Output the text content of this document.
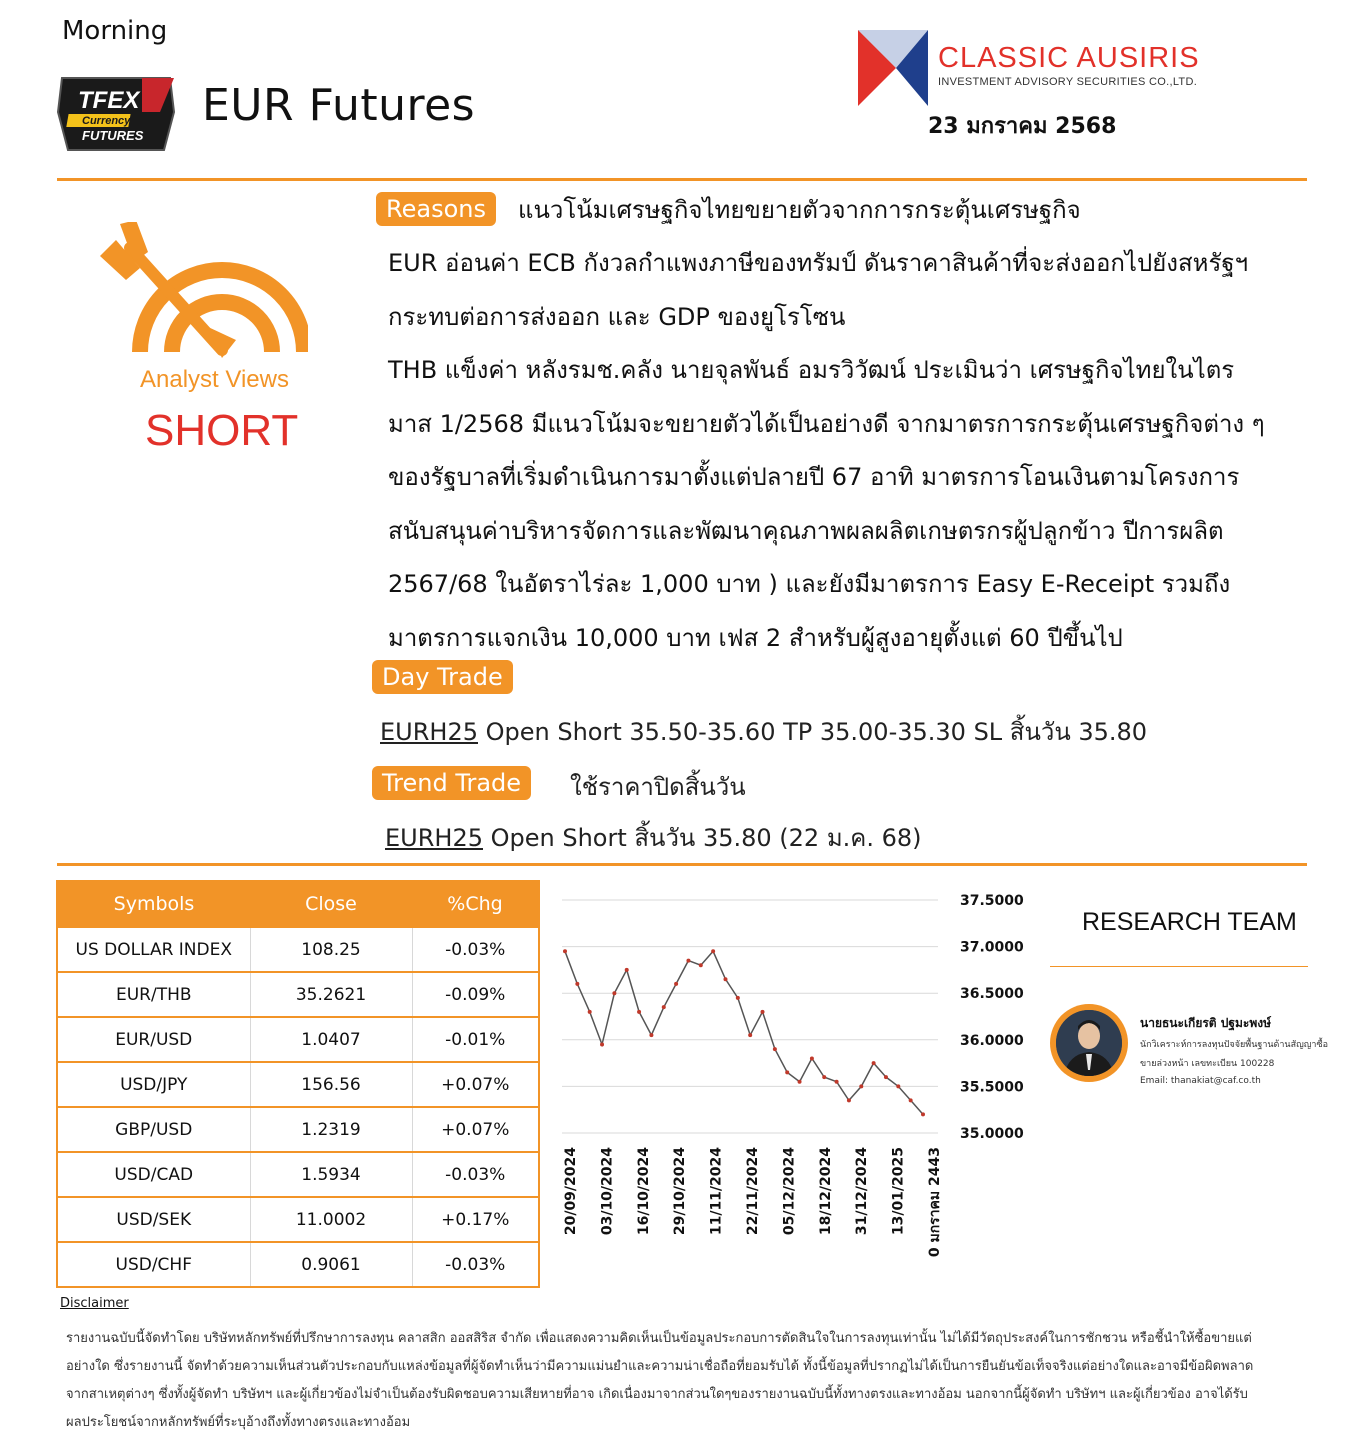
Morning
TFEX
Currency
FUTURES
EUR Futures
CLASSIC AUSIRIS
INVESTMENT ADVISORY SECURITIES CO.,LTD.
23 มกราคม 2568
Analyst Views
SHORT
Reasons	แนวโน้มเศรษฐกิจไทยขยายตัวจากการกระตุ้นเศรษฐกิจ
EUR อ่อนค่า ECB กังวลกำแพงภาษีของทรัมป์ ดันราคาสินค้าที่จะส่งออกไปยังสหรัฐฯ
กระทบต่อการส่งออก และ GDP ของยูโรโซน
THB แข็งค่า หลังรมช.คลัง นายจุลพันธ์ อมรวิวัฒน์ ประเมินว่า เศรษฐกิจไทยในไตร
มาส 1/2568 มีแนวโน้มจะขยายตัวได้เป็นอย่างดี จากมาตรการกระตุ้นเศรษฐกิจต่าง ๆ
ของรัฐบาลที่เริ่มดำเนินการมาตั้งแต่ปลายปี 67 อาทิ มาตรการโอนเงินตามโครงการ
สนับสนุนค่าบริหารจัดการและพัฒนาคุณภาพผลผลิตเกษตรกรผู้ปลูกข้าว ปีการผลิต
2567/68 ในอัตราไร่ละ 1,000 บาท ) และยังมีมาตรการ Easy E-Receipt รวมถึง
มาตรการแจกเงิน 10,000 บาท เฟส 2 สำหรับผู้สูงอายุตั้งแต่ 60 ปีขึ้นไป
Day Trade
EURH25 Open Short 35.50-35.60 TP 35.00-35.30 SL สิ้นวัน 35.80
Trend Trade	ใช้ราคาปิดสิ้นวัน
EURH25 Open Short สิ้นวัน 35.80 (22 ม.ค. 68)
Symbols	Close	%Chg
US DOLLAR INDEX	108.25	-0.03%
EUR/THB	35.2621	-0.09%
EUR/USD	1.0407	-0.01%
USD/JPY	156.56	+0.07%
GBP/USD	1.2319	+0.07%
USD/CAD	1.5934	-0.03%
USD/SEK	11.0002	+0.17%
USD/CHF	0.9061	-0.03%
37.5000
37.0000
36.5000
36.0000
35.5000
35.0000
20/09/2024 03/10/2024 16/10/2024 29/10/2024 11/11/2024 22/11/2024 05/12/2024 18/12/2024 31/12/2024 13/01/2025 0 มกราคม 2443
RESEARCH TEAM
นายธนะเกียรติ ปฐมะพงษ์
นักวิเคราะห์การลงทุนปัจจัยพื้นฐานด้านสัญญาซื้อ
ขายล่วงหน้า เลขทะเบียน 100228
Email: thanakiat@caf.co.th
Disclaimer
รายงานฉบับนี้จัดทำโดย บริษัทหลักทรัพย์ที่ปรึกษาการลงทุน คลาสสิก ออสสิริส จำกัด เพื่อแสดงความคิดเห็นเป็นข้อมูลประกอบการตัดสินใจในการลงทุนเท่านั้น ไม่ได้มีวัตถุประสงค์ในการชักชวน หรือชี้นำให้ซื้อขายแต่
อย่างใด ซึ่งรายงานนี้ จัดทำด้วยความเห็นส่วนตัวประกอบกับแหล่งข้อมูลที่ผู้จัดทำเห็นว่ามีความแม่นยำและความน่าเชื่อถือที่ยอมรับได้ ทั้งนี้ข้อมูลที่ปรากฏไม่ได้เป็นการยืนยันข้อเท็จจริงแต่อย่างใดและอาจมีข้อผิดพลาด
จากสาเหตุต่างๆ ซึ่งทั้งผู้จัดทำ บริษัทฯ และผู้เกี่ยวข้องไม่จำเป็นต้องรับผิดชอบความเสียหายที่อาจ เกิดเนื่องมาจากส่วนใดๆของรายงานฉบับนี้ทั้งทางตรงและทางอ้อม นอกจากนี้ผู้จัดทำ บริษัทฯ และผู้เกี่ยวข้อง อาจได้รับ
ผลประโยชน์จากหลักทรัพย์ที่ระบุอ้างถึงทั้งทางตรงและทางอ้อม
